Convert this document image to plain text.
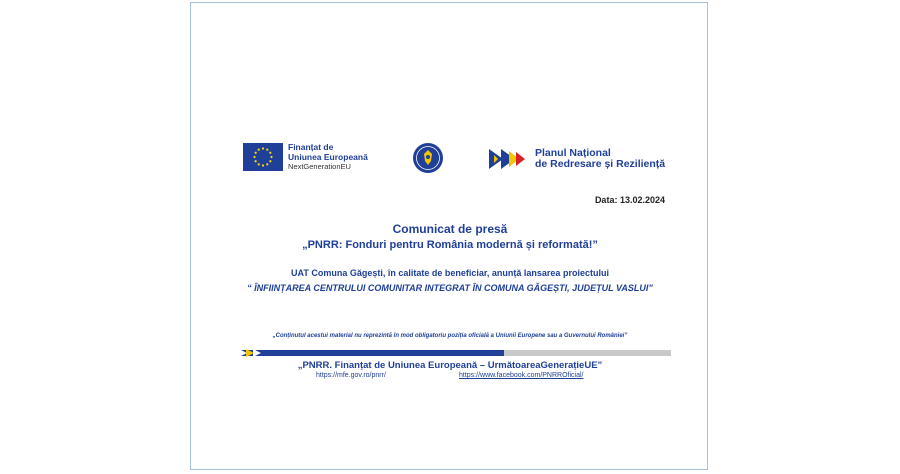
Finanțat de
Uniunea Europeană
NextGenerationEU
Planul Național
de Redresare și Reziliență
Data: 13.02.2024
Comunicat de presă
„PNRR: Fonduri pentru România modernă și reformată!”
UAT Comuna Găgești, în calitate de beneficiar, anunță lansarea proiectului
“ ÎNFIINȚAREA CENTRULUI COMUNITAR INTEGRAT ÎN COMUNA GĂGEȘTI, JUDEȚUL VASLUI”
„Conținutul acestui material nu reprezintă în mod obligatoriu poziția oficială a Uniunii Europene sau a Guvernului României”
„PNRR. Finanțat de Uniunea Europeană – UrmătoareaGenerațieUE”
https://mfe.gov.ro/pnrr/	https://www.facebook.com/PNRROficial/
